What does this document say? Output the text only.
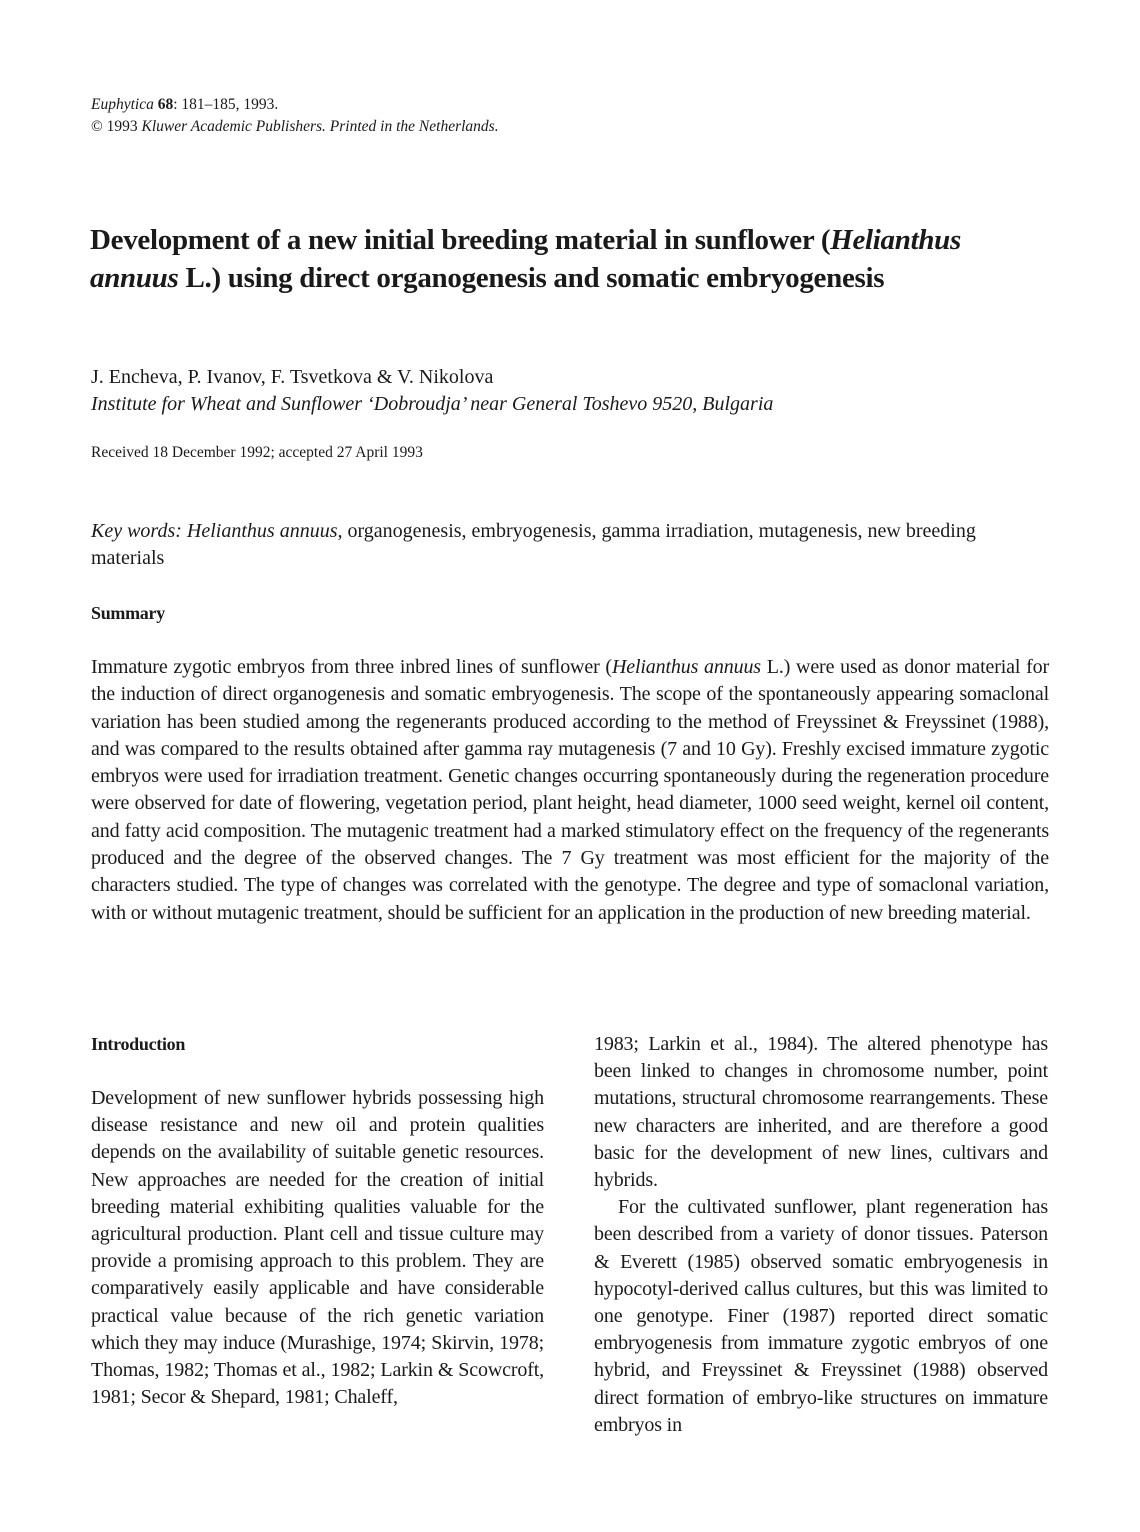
Euphytica 68: 181–185, 1993.
© 1993 Kluwer Academic Publishers. Printed in the Netherlands.
Development of a new initial breeding material in sunflower (Helianthus annuus L.) using direct organogenesis and somatic embryogenesis
J. Encheva, P. Ivanov, F. Tsvetkova & V. Nikolova
Institute for Wheat and Sunflower ‘Dobroudja’ near General Toshevo 9520, Bulgaria
Received 18 December 1992; accepted 27 April 1993
Key words: Helianthus annuus, organogenesis, embryogenesis, gamma irradiation, mutagenesis, new breeding materials
Summary
Immature zygotic embryos from three inbred lines of sunflower (Helianthus annuus L.) were used as donor material for the induction of direct organogenesis and somatic embryogenesis. The scope of the spontaneously appearing somaclonal variation has been studied among the regenerants produced according to the method of Freyssinet & Freyssinet (1988), and was compared to the results obtained after gamma ray mutagenesis (7 and 10 Gy). Freshly excised immature zygotic embryos were used for irradiation treatment. Genetic changes occurring spontaneously during the regeneration procedure were observed for date of flowering, vegetation period, plant height, head diameter, 1000 seed weight, kernel oil content, and fatty acid composition. The mutagenic treatment had a marked stimulatory effect on the frequency of the regenerants produced and the degree of the observed changes. The 7 Gy treatment was most efficient for the majority of the characters studied. The type of changes was correlated with the genotype. The degree and type of somaclonal variation, with or without mutagenic treatment, should be sufficient for an application in the production of new breeding material.
Introduction

Development of new sunflower hybrids possessing high disease resistance and new oil and protein qualities depends on the availability of suitable genetic resources. New approaches are needed for the creation of initial breeding material exhibiting qualities valuable for the agricultural production. Plant cell and tissue culture may provide a promising approach to this problem. They are comparatively easily applicable and have considerable practical value because of the rich genetic variation which they may induce (Murashige, 1974; Skirvin, 1978; Thomas, 1982; Thomas et al., 1982; Larkin & Scowcroft, 1981; Secor & Shepard, 1981; Chaleff,

1983; Larkin et al., 1984). The altered phenotype has been linked to changes in chromosome number, point mutations, structural chromosome rearrangements. These new characters are inherited, and are therefore a good basic for the development of new lines, cultivars and hybrids.

For the cultivated sunflower, plant regeneration has been described from a variety of donor tissues. Paterson & Everett (1985) observed somatic embryogenesis in hypocotyl-derived callus cultures, but this was limited to one genotype. Finer (1987) reported direct somatic embryogenesis from immature zygotic embryos of one hybrid, and Freyssinet & Freyssinet (1988) observed direct formation of embryo-like structures on immature embryos in
